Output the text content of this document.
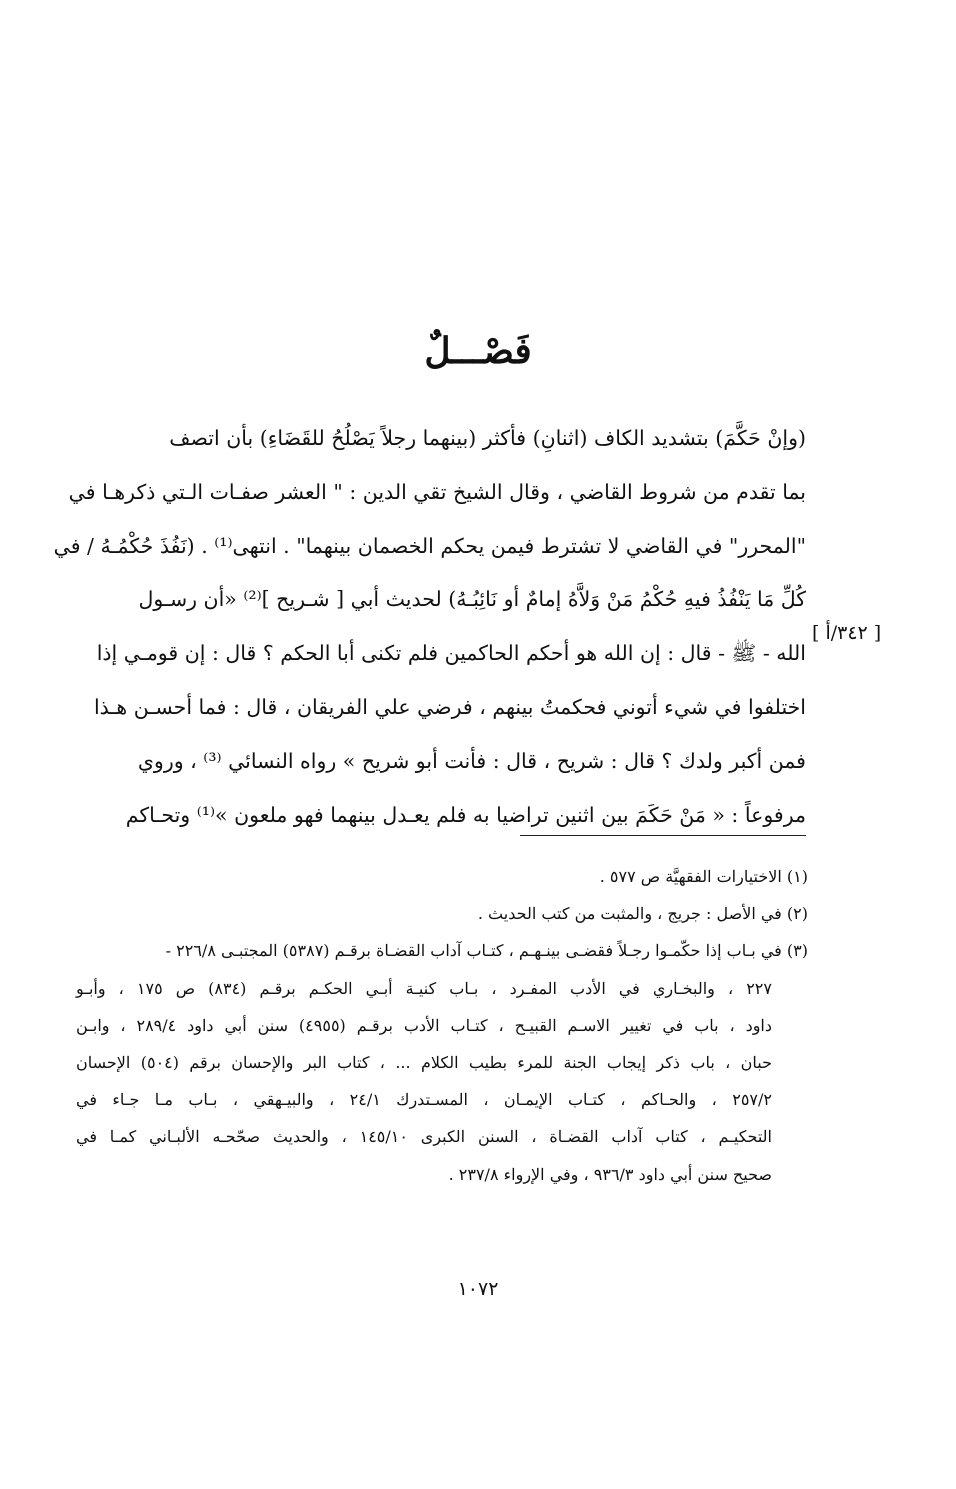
فَصْـــلٌ
(وإنْ حَكَّمَ) بتشديد الكاف (اثنانِ) فأكثر (بينهما رجلاً يَصْلُحُ للقَضَاءِ) بأن اتصف
بما تقدم من شروط القاضي ، وقال الشيخ تقي الدين : " العشر صفـات الـتي ذكرهـا في
"المحرر" في القاضي لا تشترط فيمن يحكم الخصمان بينهما" . انتهى⁽¹⁾ . (نَفُذَ حُكْمُـهُ / في
كُلِّ مَا يَنْفُذُ فيهِ حُكْمُ مَنْ وَلاَّهُ إمامٌ أو نَائِبُـهُ) لحديث أبي [ شـريح ]⁽²⁾ «أن رسـول
الله - ﷺ - قال : إن الله هو أحكم الحاكمين فلم تكنى أبا الحكم ؟ قال : إن قومـي إذا
اختلفوا في شيء أتوني فحكمتُ بينهم ، فرضي علي الفريقان ، قال : فما أحسـن هـذا
فمن أكبر ولدك ؟ قال : شريح ، قال : فأنت أبو شريح » رواه النسائي ⁽³⁾ ، وروي
مرفوعاً : « مَنْ حَكَمَ بين اثنين تراضيا به فلم يعـدل بينهما فهو ملعون »⁽¹⁾ وتحـاكم
[ ٣٤٢/أ ]
(١) الاختيارات الفقهيَّة ص ٥٧٧ .
(٢) في الأصل : جريج ، والمثبت من كتب الحديث .
(٣) في بـاب إذا حكّمـوا رجـلاً فقضـى بينـهـم ، كتـاب آداب القضـاة برقـم (٥٣٨٧) المجتبـى ٢٢٦/٨ -
٢٢٧ ، والبخـاري في الأدب المفـرد ، بـاب كنيـة أبـي الحكـم برقـم (٨٣٤) ص ١٧٥ ، وأبـو
داود ، باب في تغيير الاسـم القبيـح ، كتـاب الأدب برقـم (٤٩٥٥) سنن أبي داود ٢٨٩/٤ ، وابـن
حبان ، باب ذكر إيجاب الجنة للمرء بطيب الكلام ... ، كتاب البر والإحسان برقم (٥٠٤) الإحسان
٢٥٧/٢ ، والحـاكم ، كتـاب الإيمـان ، المسـتدرك ٢٤/١ ، والبيـهقي ، بـاب مـا جـاء في
التحكيـم ، كتاب آداب القضـاة ، السنن الكبرى ١٤٥/١٠ ، والحديث صحّحـه الألبـاني كمـا في
صحيح سنن أبي داود ٩٣٦/٣ ، وفي الإرواء ٢٣٧/٨ .
١٠٧٢
